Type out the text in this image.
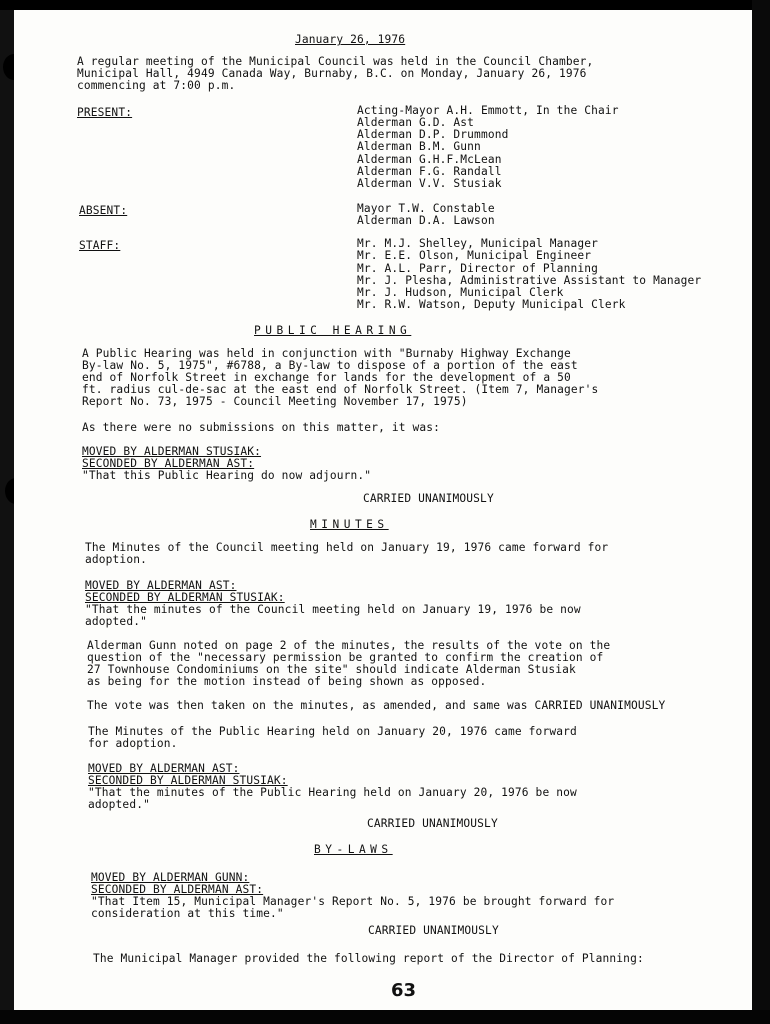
January 26, 1976
A regular meeting of the Municipal Council was held in the Council Chamber,
Municipal Hall, 4949 Canada Way, Burnaby, B.C. on Monday, January 26, 1976
commencing at 7:00 p.m.
PRESENT:	Acting-Mayor A.H. Emmott, In the Chair
Alderman G.D. Ast
Alderman D.P. Drummond
Alderman B.M. Gunn
Alderman G.H.F.McLean
Alderman F.G. Randall
Alderman V.V. Stusiak
ABSENT:	Mayor T.W. Constable
Alderman D.A. Lawson
STAFF:	Mr. M.J. Shelley, Municipal Manager
Mr. E.E. Olson, Municipal Engineer
Mr. A.L. Parr, Director of Planning
Mr. J. Plesha, Administrative Assistant to Manager
Mr. J. Hudson, Municipal Clerk
Mr. R.W. Watson, Deputy Municipal Clerk
PUBLIC HEARING
A Public Hearing was held in conjunction with "Burnaby Highway Exchange
By-law No. 5, 1975", #6788, a By-law to dispose of a portion of the east
end of Norfolk Street in exchange for lands for the development of a 50
ft. radius cul-de-sac at the east end of Norfolk Street. (Item 7, Manager's
Report No. 73, 1975 - Council Meeting November 17, 1975)
As there were no submissions on this matter, it was:
MOVED BY ALDERMAN STUSIAK:
SECONDED BY ALDERMAN AST:
"That this Public Hearing do now adjourn."
CARRIED UNANIMOUSLY
MINUTES
The Minutes of the Council meeting held on January 19, 1976 came forward for
adoption.
MOVED BY ALDERMAN AST:
SECONDED BY ALDERMAN STUSIAK:
"That the minutes of the Council meeting held on January 19, 1976 be now
adopted."
Alderman Gunn noted on page 2 of the minutes, the results of the vote on the
question of the "necessary permission be granted to confirm the creation of
27 Townhouse Condominiums on the site" should indicate Alderman Stusiak
as being for the motion instead of being shown as opposed.
The vote was then taken on the minutes, as amended, and same was CARRIED UNANIMOUSLY
The Minutes of the Public Hearing held on January 20, 1976 came forward
for adoption.
MOVED BY ALDERMAN AST:
SECONDED BY ALDERMAN STUSIAK:
"That the minutes of the Public Hearing held on January 20, 1976 be now
adopted."
CARRIED UNANIMOUSLY
BY-LAWS
MOVED BY ALDERMAN GUNN:
SECONDED BY ALDERMAN AST:
"That Item 15, Municipal Manager's Report No. 5, 1976 be brought forward for
consideration at this time."
CARRIED UNANIMOUSLY
The Municipal Manager provided the following report of the Director of Planning:
63
